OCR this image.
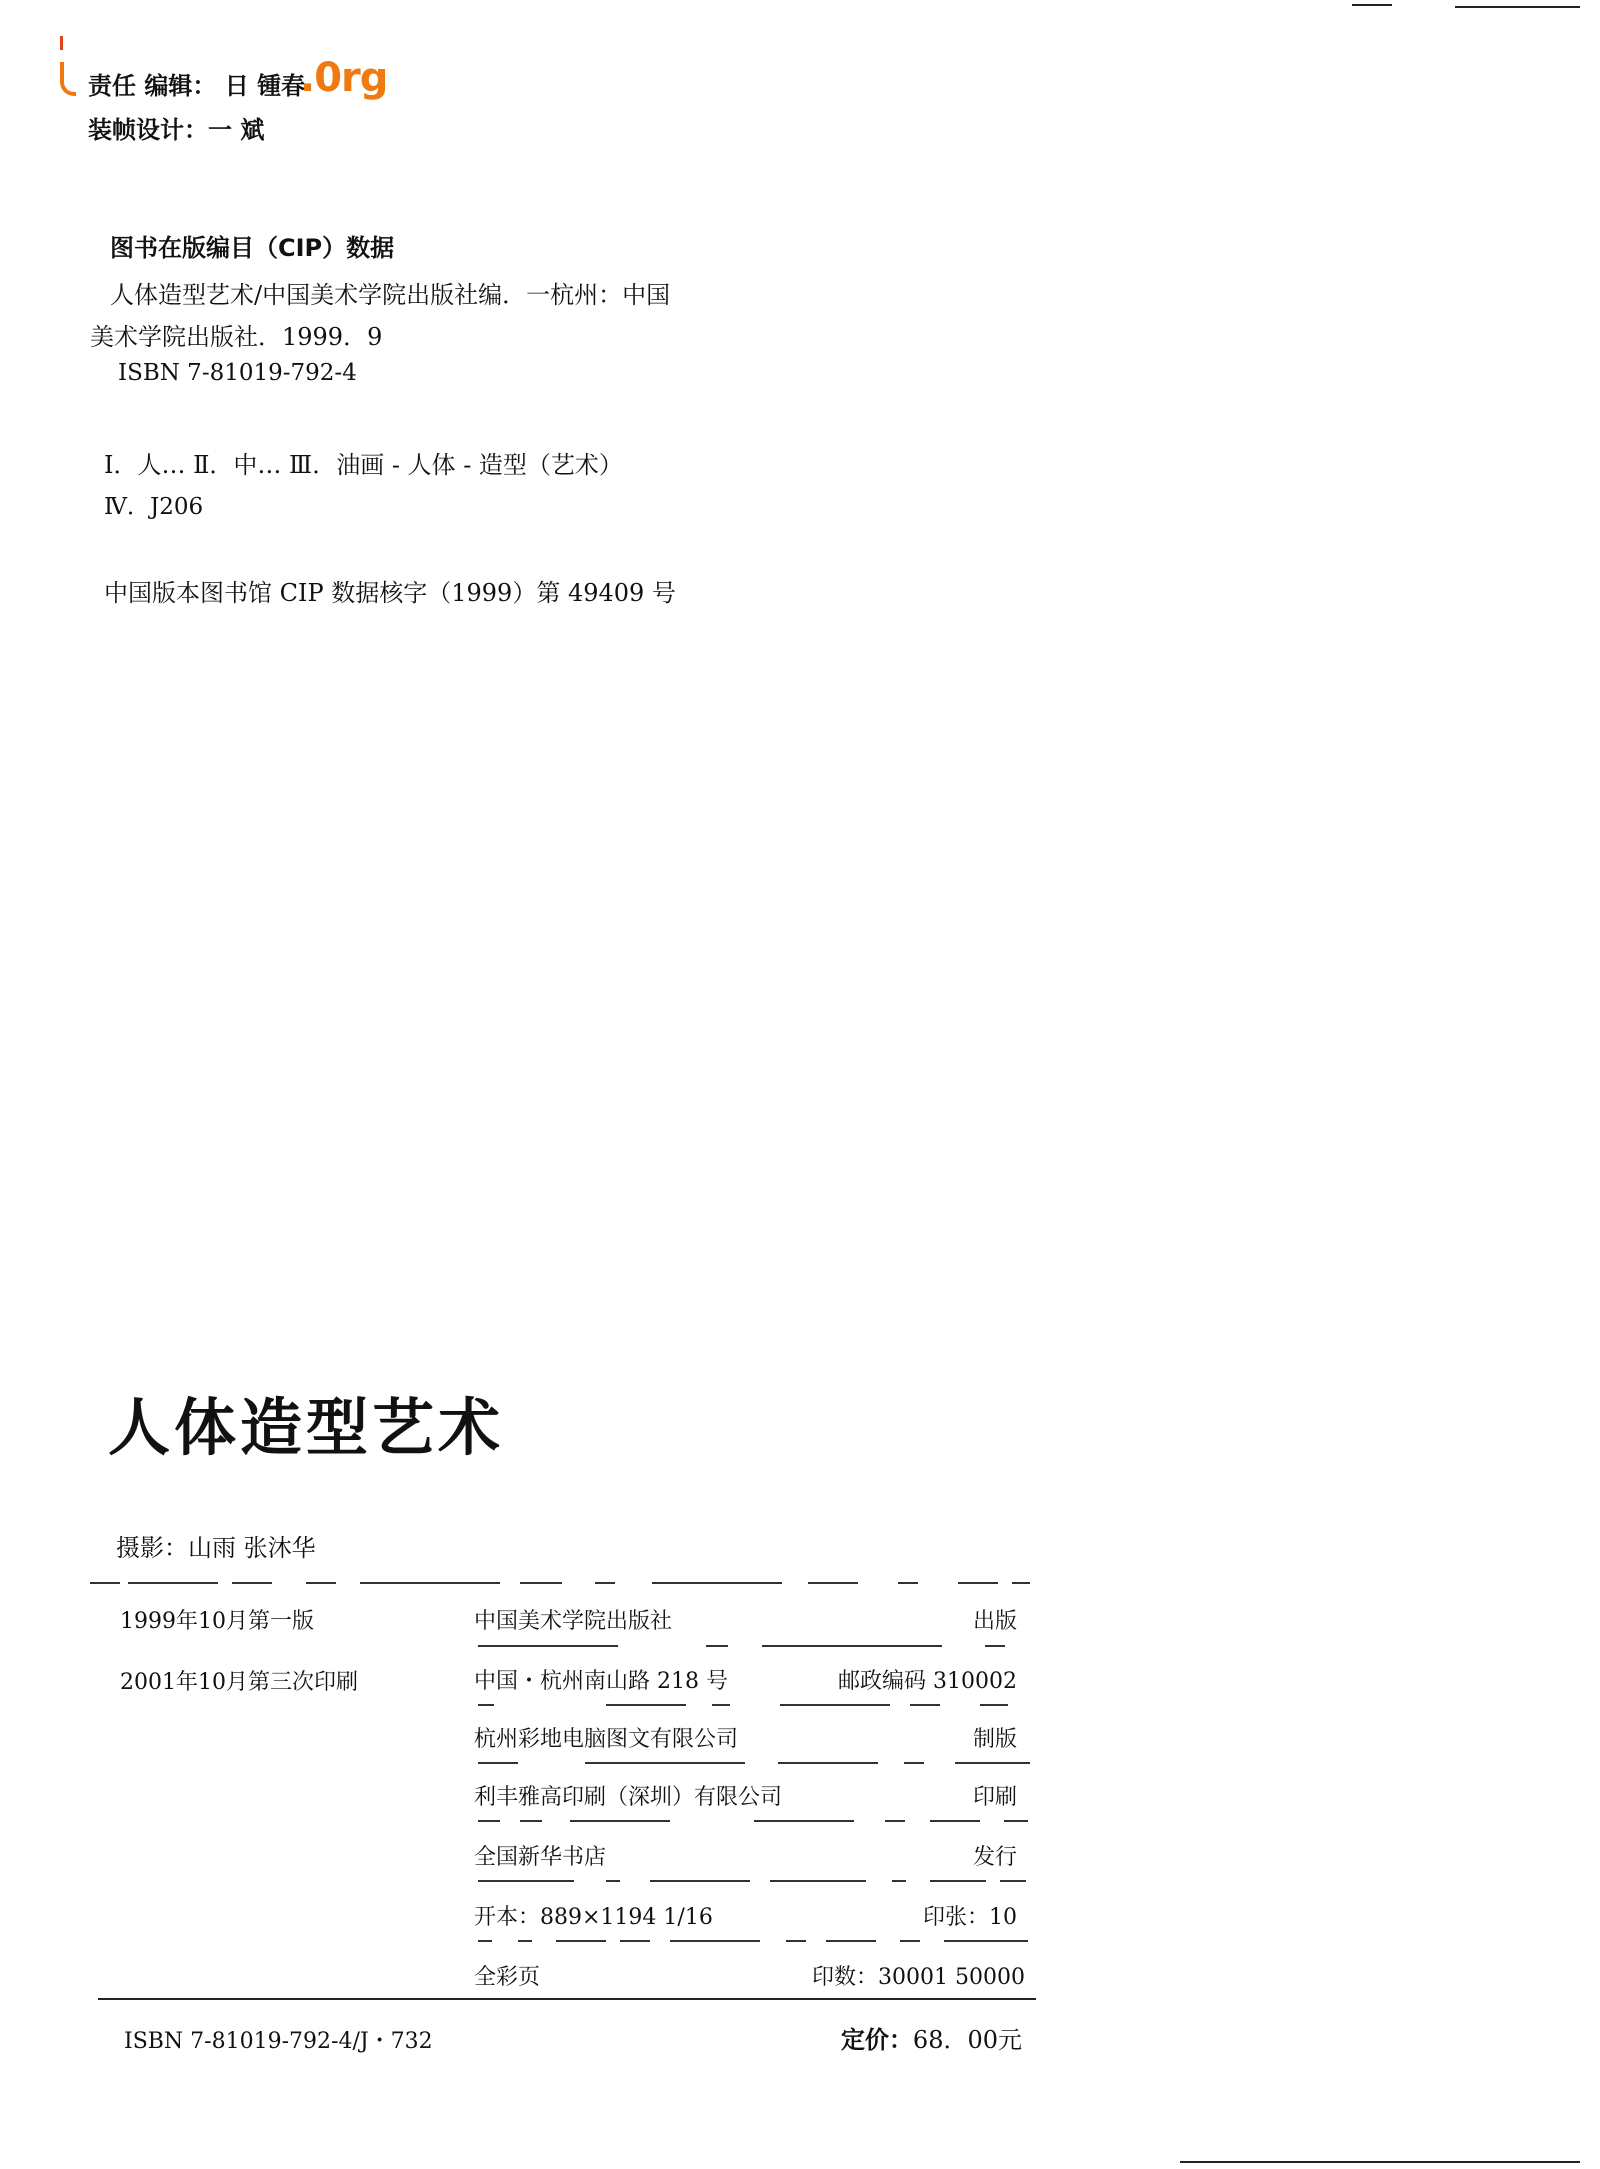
责任 编辑： 日 锺春
.0rg
装帧设计：一 斌
图书在版编目（CIP）数据
人体造型艺术/中国美术学院出版社编．一杭州：中国
美术学院出版社．1999．9
ISBN 7-81019-792-4
Ⅰ．人… Ⅱ．中… Ⅲ．油画 - 人体 - 造型（艺术）
Ⅳ．J206
中国版本图书馆 CIP 数据核字（1999）第 49409 号
人体造型艺术
摄影：山雨 张沐华
1999年10月第一版
2001年10月第三次印刷
中国美术学院出版社	出版
中国・杭州南山路 218 号	邮政编码 310002
杭州彩地电脑图文有限公司	制版
利丰雅高印刷（深圳）有限公司	印刷
全国新华书店	发行
开本：889×1194 1/16	印张：10
全彩页	印数：30001 50000
ISBN 7-81019-792-4/J・732	定价：68．00元
